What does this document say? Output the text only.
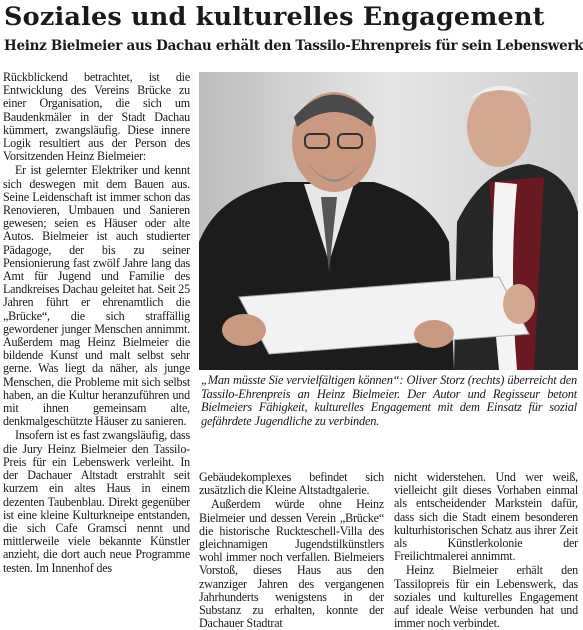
Soziales und kulturelles Engagement
Heinz Bielmeier aus Dachau erhält den Tassilo-Ehrenpreis für sein Lebenswerk

Rückblickend betrachtet, ist die Entwicklung des Vereins Brücke zu einer Organisation, die sich um Baudenkmäler in der Stadt Dachau kümmert, zwangsläufig. Diese innere Logik resultiert aus der Person des Vorsitzenden Heinz Bielmeier:

Er ist gelernter Elektriker und kennt sich deswegen mit dem Bauen aus. Seine Leidenschaft ist immer schon das Renovieren, Umbauen und Sanieren gewesen; seien es Häuser oder alte Autos. Bielmeier ist auch studierter Pädagoge, der bis zu seiner Pensionierung fast zwölf Jahre lang das Amt für Jugend und Familie des Landkreises Dachau geleitet hat. Seit 25 Jahren führt er ehrenamtlich die „Brücke“, die sich straffällig gewordener junger Menschen annimmt. Außerdem mag Heinz Bielmeier die bildende Kunst und malt selbst sehr gerne. Was liegt da näher, als junge Menschen, die Probleme mit sich selbst haben, an die Kultur heranzuführen und mit ihnen gemeinsam alte, denkmalgeschützte Häuser zu sanieren.

Insofern ist es fast zwangsläufig, dass die Jury Heinz Bielmeier den Tassilo-Preis für ein Lebenswerk verleiht. In der Dachauer Altstadt erstrahlt seit kurzem ein altes Haus in einem dezenten Taubenblau. Direkt gegenüber ist eine kleine Kulturkneipe entstanden, die sich Cafe Gramsci nennt und mittlerweile viele bekannte Künstler anzieht, die dort auch neue Programme testen. Im Innenhof des

„Man müsste Sie vervielfältigen können“: Oliver Storz (rechts) überreicht den Tassilo-Ehrenpreis an Heinz Bielmeier. Der Autor und Regisseur betont Bielmeiers Fähigkeit, kulturelles Engagement mit dem Einsatz für sozial gefährdete Jugendliche zu verbinden.

Gebäudekomplexes befindet sich zusätzlich die Kleine Altstadtgalerie.

Außerdem würde ohne Heinz Bielmeier und dessen Verein „Brücke“ die historische Ruckteschell-Villa des gleichnamigen Jugendstilkünstlers wohl immer noch verfallen. Bielmeiers Vorstoß, dieses Haus aus den zwanziger Jahren des vergangenen Jahrhunderts wenigstens in der Substanz zu erhalten, konnte der Dachauer Stadtrat

nicht widerstehen. Und wer weiß, vielleicht gilt dieses Vorhaben einmal als entscheidender Markstein dafür, dass sich die Stadt einem besonderen kulturhistorischen Schatz aus ihrer Zeit als Künstlerkolonie der Freilichtmalerei annimmt.

Heinz Bielmeier erhält den Tassilopreis für ein Lebenswerk, das soziales und kulturelles Engagement auf ideale Weise verbunden hat und immer noch verbindet.
